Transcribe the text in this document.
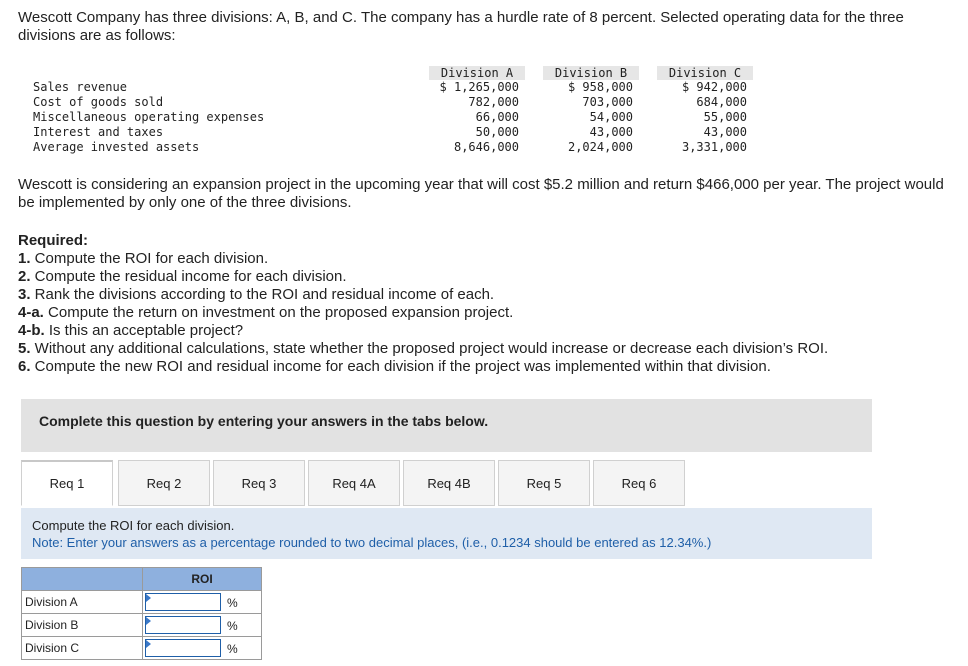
Wescott Company has three divisions: A, B, and C. The company has a hurdle rate of 8 percent. Selected operating data for the three divisions are as follows:
	Division A		Division B		Division C
Sales revenue	$ 1,265,000		$ 958,000		$ 942,000
Cost of goods sold	782,000		703,000		684,000
Miscellaneous operating expenses	66,000		54,000		55,000
Interest and taxes	50,000		43,000		43,000
Average invested assets	8,646,000		2,024,000		3,331,000
Wescott is considering an expansion project in the upcoming year that will cost $5.2 million and return $466,000 per year. The project would be implemented by only one of the three divisions.
Required:
1. Compute the ROI for each division.
2. Compute the residual income for each division.
3. Rank the divisions according to the ROI and residual income of each.
4-a. Compute the return on investment on the proposed expansion project.
4-b. Is this an acceptable project?
5. Without any additional calculations, state whether the proposed project would increase or decrease each division’s ROI.
6. Compute the new ROI and residual income for each division if the project was implemented within that division.
Complete this question by entering your answers in the tabs below.
Req 1	Req 2	Req 3	Req 4A	Req 4B	Req 5	Req 6
Compute the ROI for each division.
Note: Enter your answers as a percentage rounded to two decimal places, (i.e., 0.1234 should be entered as 12.34%.)
	ROI
Division A	%

Division B	%

Division C	%
